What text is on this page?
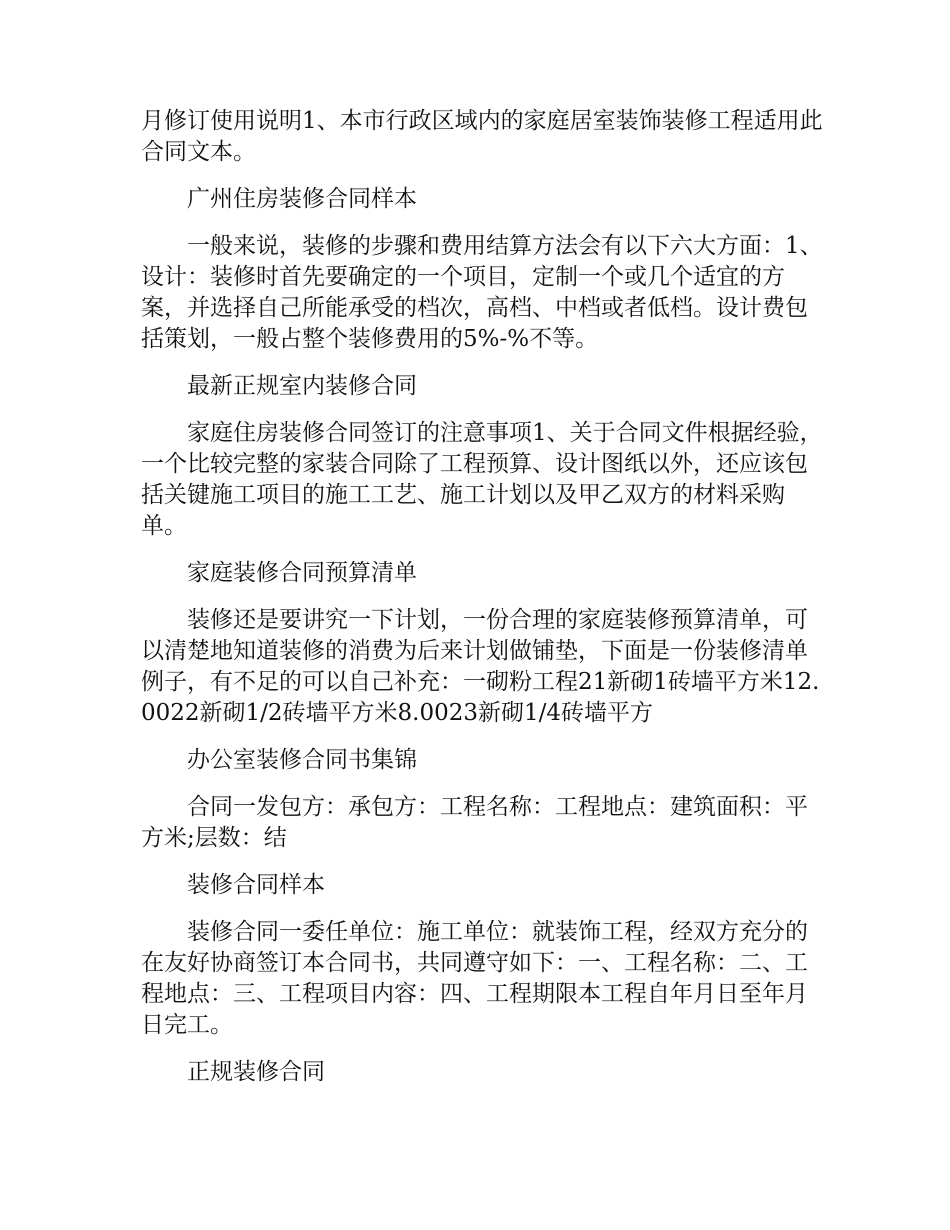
月修订使用说明1、本市行政区域内的家庭居室装饰装修工程适用此合同文本。

广州住房装修合同样本

一般来说，装修的步骤和费用结算方法会有以下六大方面：1、设计：装修时首先要确定的一个项目，定制一个或几个适宜的方案，并选择自己所能承受的档次，高档、中档或者低档。设计费包括策划，一般占整个装修费用的5%-%不等。

最新正规室内装修合同

家庭住房装修合同签订的注意事项1、关于合同文件根据经验，一个比较完整的家装合同除了工程预算、设计图纸以外，还应该包括关键施工项目的施工工艺、施工计划以及甲乙双方的材料采购单。

家庭装修合同预算清单

装修还是要讲究一下计划，一份合理的家庭装修预算清单，可以清楚地知道装修的消费为后来计划做铺垫，下面是一份装修清单例子，有不足的可以自己补充：一砌粉工程21新砌1砖墙平方米12.0022新砌1/2砖墙平方米8.0023新砌1/4砖墙平方

办公室装修合同书集锦

合同一发包方：承包方：工程名称：工程地点：建筑面积：平方米;层数：结

装修合同样本

装修合同一委任单位：施工单位：就装饰工程，经双方充分的在友好协商签订本合同书，共同遵守如下：一、工程名称：二、工程地点：三、工程项目内容：四、工程期限本工程自年月日至年月日完工。

正规装修合同
